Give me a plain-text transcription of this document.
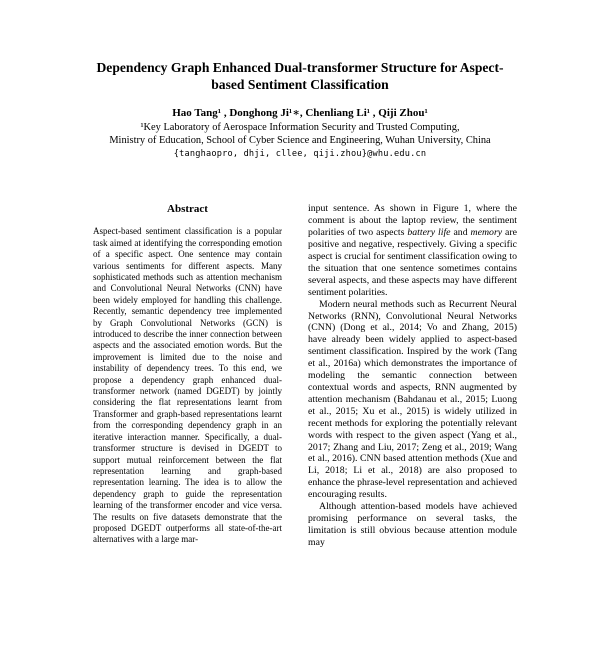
Dependency Graph Enhanced Dual-transformer Structure for Aspect-based Sentiment Classification
Hao Tang¹ , Donghong Ji¹∗, Chenliang Li¹ , Qiji Zhou¹
¹Key Laboratory of Aerospace Information Security and Trusted Computing,
Ministry of Education, School of Cyber Science and Engineering, Wuhan University, China
{tanghaopro, dhji, cllee, qiji.zhou}@whu.edu.cn
Abstract
Aspect-based sentiment classification is a popular task aimed at identifying the corresponding emotion of a specific aspect. One sentence may contain various sentiments for different aspects. Many sophisticated methods such as attention mechanism and Convolutional Neural Networks (CNN) have been widely employed for handling this challenge. Recently, semantic dependency tree implemented by Graph Convolutional Networks (GCN) is introduced to describe the inner connection between aspects and the associated emotion words. But the improvement is limited due to the noise and instability of dependency trees. To this end, we propose a dependency graph enhanced dual-transformer network (named DGEDT) by jointly considering the flat representations learnt from Transformer and graph-based representations learnt from the corresponding dependency graph in an iterative interaction manner. Specifically, a dual-transformer structure is devised in DGEDT to support mutual reinforcement between the flat representation learning and graph-based representation learning. The idea is to allow the dependency graph to guide the representation learning of the transformer encoder and vice versa. The results on five datasets demonstrate that the proposed DGEDT outperforms all state-of-the-art alternatives with a large mar-

input sentence. As shown in Figure 1, where the comment is about the laptop review, the sentiment polarities of two aspects battery life and memory are positive and negative, respectively. Giving a specific aspect is crucial for sentiment classification owing to the situation that one sentence sometimes contains several aspects, and these aspects may have different sentiment polarities.

Modern neural methods such as Recurrent Neural Networks (RNN), Convolutional Neural Networks (CNN) (Dong et al., 2014; Vo and Zhang, 2015) have already been widely applied to aspect-based sentiment classification. Inspired by the work (Tang et al., 2016a) which demonstrates the importance of modeling the semantic connection between contextual words and aspects, RNN augmented by attention mechanism (Bahdanau et al., 2015; Luong et al., 2015; Xu et al., 2015) is widely utilized in recent methods for exploring the potentially relevant words with respect to the given aspect (Yang et al., 2017; Zhang and Liu, 2017; Zeng et al., 2019; Wang et al., 2016). CNN based attention methods (Xue and Li, 2018; Li et al., 2018) are also proposed to enhance the phrase-level representation and achieved encouraging results.

Although attention-based models have achieved promising performance on several tasks, the limitation is still obvious because attention module may
